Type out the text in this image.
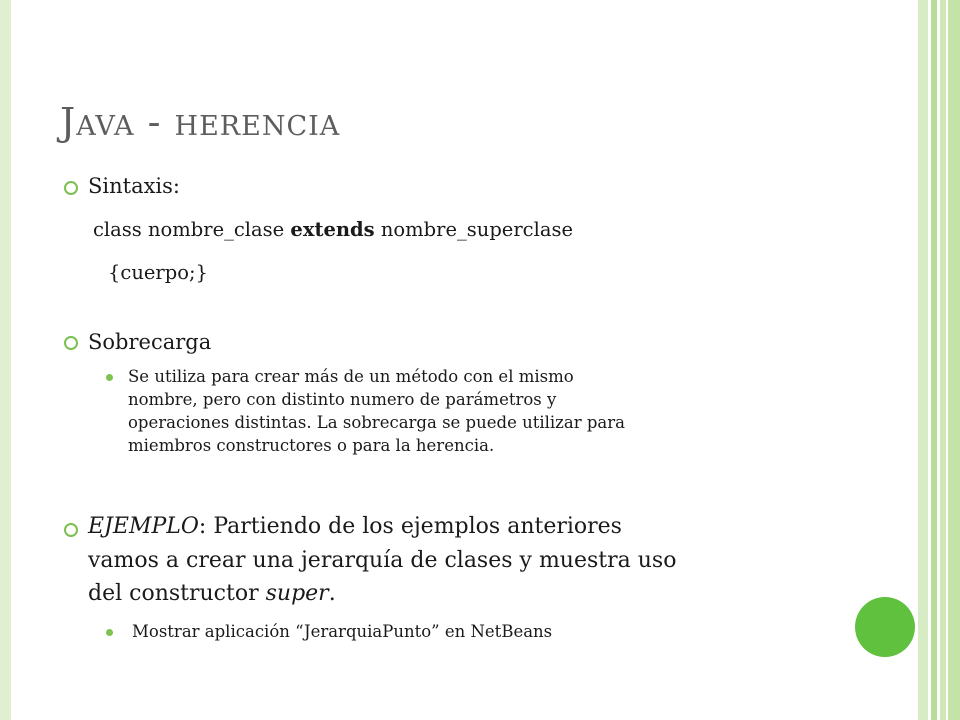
Java - herencia
Sintaxis:
class nombre_clase extends nombre_superclase
{cuerpo;}
Sobrecarga
Se utiliza para crear más de un método con el mismo
nombre, pero con distinto numero de parámetros y
operaciones distintas. La sobrecarga se puede utilizar para
miembros constructores o para la herencia.
EJEMPLO: Partiendo de los ejemplos anteriores
vamos a crear una jerarquía de clases y muestra uso
del constructor super.
Mostrar aplicación “JerarquiaPunto” en NetBeans
